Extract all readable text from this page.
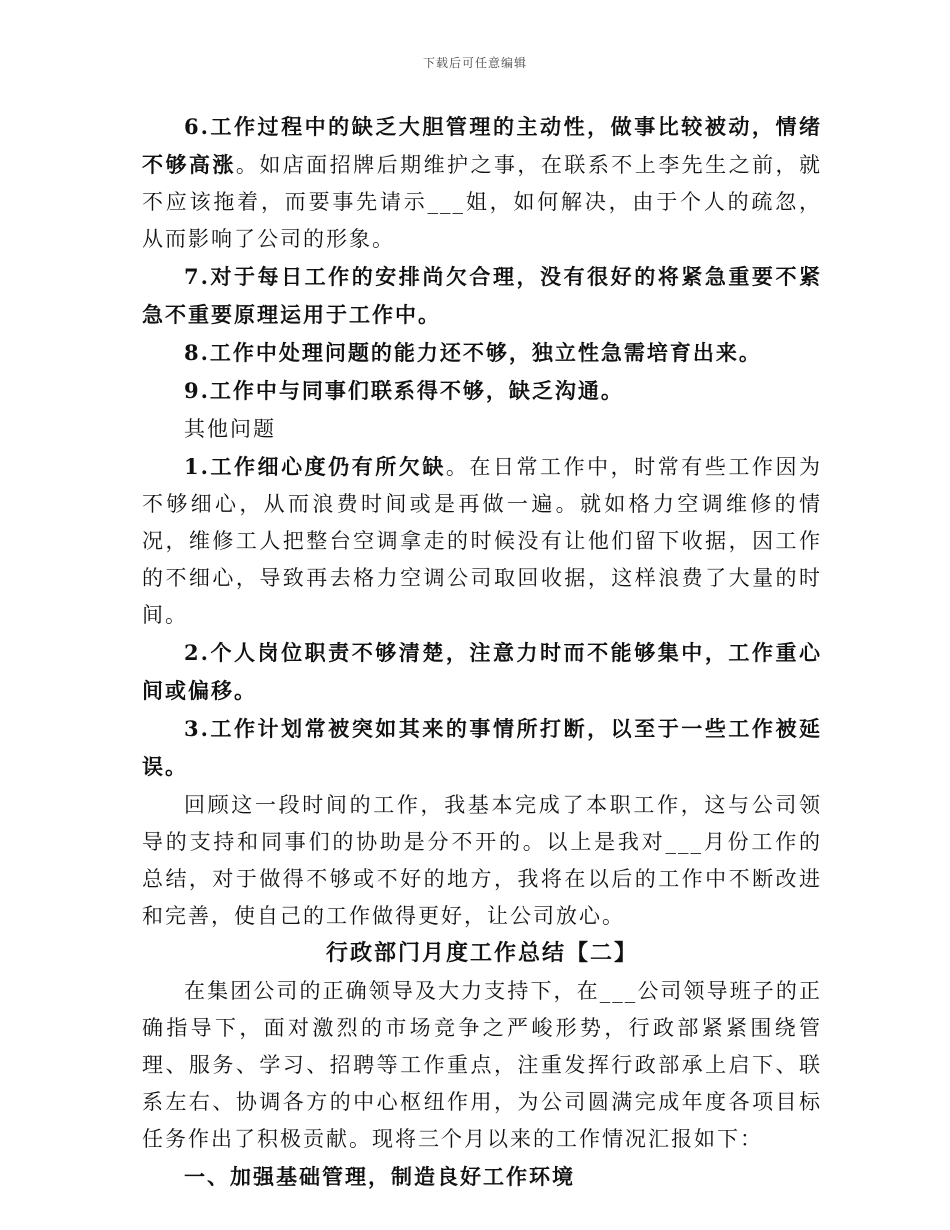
下载后可任意编辑

6.工作过程中的缺乏大胆管理的主动性，做事比较被动，情绪不够高涨。如店面招牌后期维护之事，在联系不上李先生之前，就不应该拖着，而要事先请示___姐，如何解决，由于个人的疏忽，从而影响了公司的形象。

7.对于每日工作的安排尚欠合理，没有很好的将紧急重要不紧急不重要原理运用于工作中。

8.工作中处理问题的能力还不够，独立性急需培育出来。

9.工作中与同事们联系得不够，缺乏沟通。

其他问题

1.工作细心度仍有所欠缺。在日常工作中，时常有些工作因为不够细心，从而浪费时间或是再做一遍。就如格力空调维修的情况，维修工人把整台空调拿走的时候没有让他们留下收据，因工作的不细心，导致再去格力空调公司取回收据，这样浪费了大量的时间。

2.个人岗位职责不够清楚，注意力时而不能够集中，工作重心间或偏移。

3.工作计划常被突如其来的事情所打断，以至于一些工作被延误。

回顾这一段时间的工作，我基本完成了本职工作，这与公司领导的支持和同事们的协助是分不开的。以上是我对___月份工作的总结，对于做得不够或不好的地方，我将在以后的工作中不断改进和完善，使自己的工作做得更好，让公司放心。

行政部门月度工作总结【二】

在集团公司的正确领导及大力支持下，在___公司领导班子的正确指导下，面对激烈的市场竞争之严峻形势，行政部紧紧围绕管理、服务、学习、招聘等工作重点，注重发挥行政部承上启下、联系左右、协调各方的中心枢纽作用，为公司圆满完成年度各项目标任务作出了积极贡献。现将三个月以来的工作情况汇报如下：

一、加强基础管理，制造良好工作环境
